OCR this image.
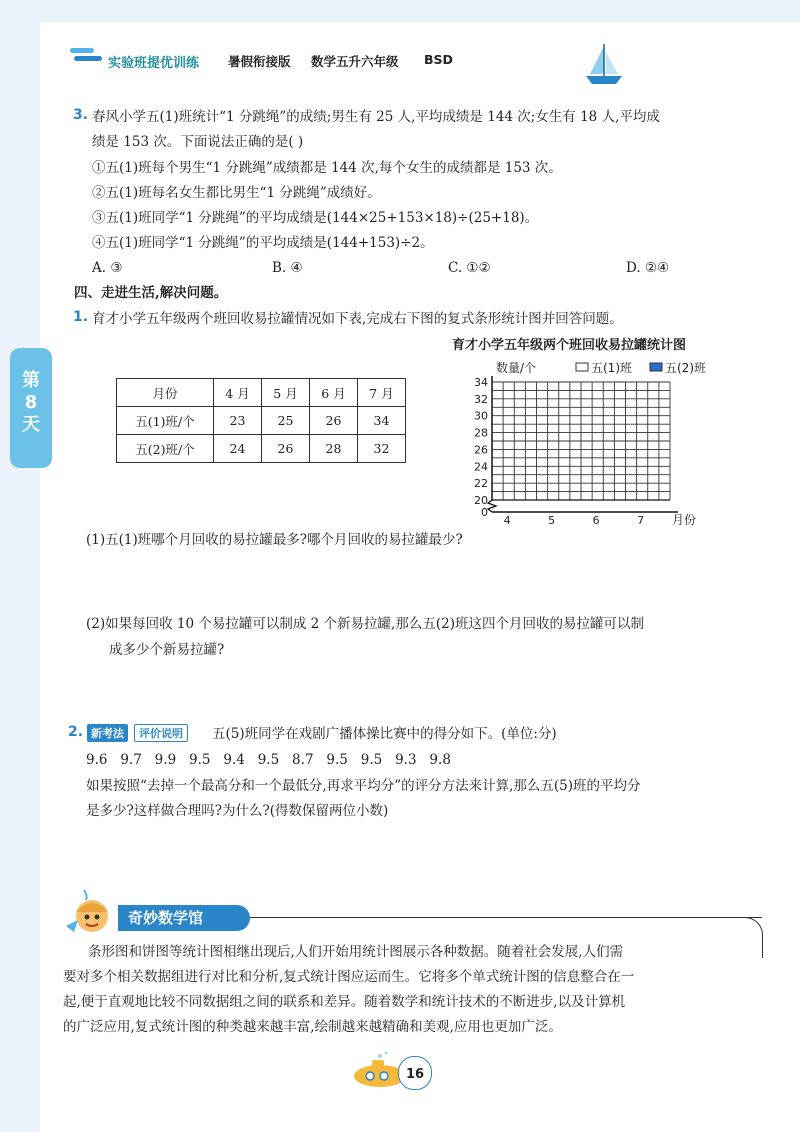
实验班提优训练 暑假衔接版 数学五升六年级 BSD
第
8
天
3. 春风小学五(1)班统计“1 分跳绳”的成绩;男生有 25 人,平均成绩是 144 次;女生有 18 人,平均成
绩是 153 次。下面说法正确的是( )
①五(1)班每个男生“1 分跳绳”成绩都是 144 次,每个女生的成绩都是 153 次。
②五(1)班每名女生都比男生“1 分跳绳”成绩好。
③五(1)班同学“1 分跳绳”的平均成绩是(144×25+153×18)÷(25+18)。
④五(1)班同学“1 分跳绳”的平均成绩是(144+153)÷2。
A. ③	B. ④	C. ①②	D. ②④
四、走进生活,解决问题。
1. 育才小学五年级两个班回收易拉罐情况如下表,完成右下图的复式条形统计图并回答问题。
月份	4 月	5 月	6 月	7 月
五(1)班/个	23	25	26	34
五(2)班/个	24	26	28	32
育才小学五年级两个班回收易拉罐统计图
0
20
22
24
26
28
30
32
34
4	5	6	7
数量/个
月份
五(1)班	五(2)班
(1)五(1)班哪个月回收的易拉罐最多?哪个月回收的易拉罐最少?
(2)如果每回收 10 个易拉罐可以制成 2 个新易拉罐,那么五(2)班这四个月回收的易拉罐可以制
成多少个新易拉罐?
2. 新考法	评价说明	五(5)班同学在戏剧广播体操比赛中的得分如下。(单位:分)
9.6   9.7   9.9   9.5   9.4   9.5   8.7   9.5   9.5   9.3   9.8
如果按照“去掉一个最高分和一个最低分,再求平均分”的评分方法来计算,那么五(5)班的平均分
是多少?这样做合理吗?为什么?(得数保留两位小数)
奇妙数学馆
条形图和饼图等统计图相继出现后,人们开始用统计图展示各种数据。随着社会发展,人们需
要对多个相关数据组进行对比和分析,复式统计图应运而生。它将多个单式统计图的信息整合在一
起,便于直观地比较不同数据组之间的联系和差异。随着数学和统计技术的不断进步,以及计算机
的广泛应用,复式统计图的种类越来越丰富,绘制越来越精确和美观,应用也更加广泛。
16
